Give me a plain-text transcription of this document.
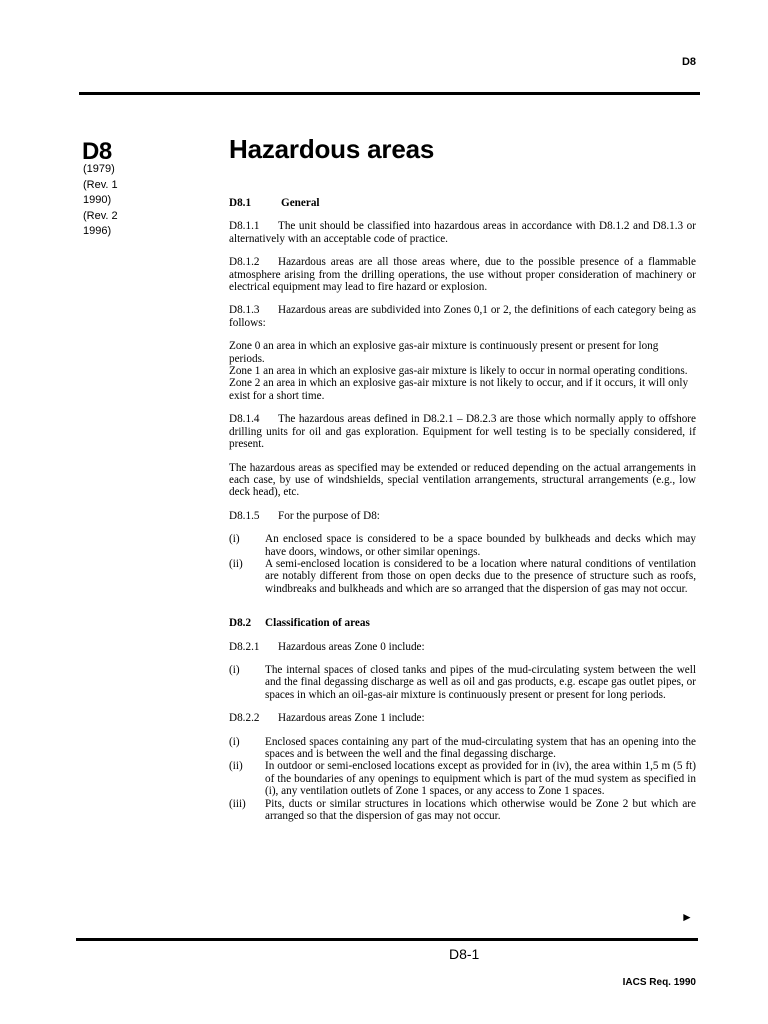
D8
D8
(1979)
(Rev. 1
1990)
(Rev. 2
1996)
Hazardous areas

D8.1	General

D8.1.1 The unit should be classified into hazardous areas in accordance with D8.1.2 and D8.1.3 or alternatively with an acceptable code of practice.

D8.1.2 Hazardous areas are all those areas where, due to the possible presence of a flammable atmosphere arising from the drilling operations, the use without proper consideration of machinery or electrical equipment may lead to fire hazard or explosion.

D8.1.3 Hazardous areas are subdivided into Zones 0,1 or 2, the definitions of each category being as follows:

Zone 0 an area in which an explosive gas-air mixture is continuously present or present for long periods.

Zone 1 an area in which an explosive gas-air mixture is likely to occur in normal operating conditions.

Zone 2 an area in which an explosive gas-air mixture is not likely to occur, and if it occurs, it will only exist for a short time.

D8.1.4 The hazardous areas defined in D8.2.1 – D8.2.3 are those which normally apply to offshore drilling units for oil and gas exploration. Equipment for well testing is to be specially considered, if present.

The hazardous areas as specified may be extended or reduced depending on the actual arrangements in each case, by use of windshields, special ventilation arrangements, structural arrangements (e.g., low deck head), etc.

D8.1.5 For the purpose of D8:

(i)	An enclosed space is considered to be a space bounded by bulkheads and decks which may have doors, windows, or other similar openings.
(ii)	A semi-enclosed location is considered to be a location where natural conditions of ventilation are notably different from those on open decks due to the presence of structure such as roofs, windbreaks and bulkheads and which are so arranged that the dispersion of gas may not occur.

D8.2 Classification of areas

D8.2.1 Hazardous areas Zone 0 include:

(i)	The internal spaces of closed tanks and pipes of the mud-circulating system between the well and the final degassing discharge as well as oil and gas products, e.g. escape gas outlet pipes, or spaces in which an oil-gas-air mixture is continuously present or present for long periods.

D8.2.2 Hazardous areas Zone 1 include:

(i)	Enclosed spaces containing any part of the mud-circulating system that has an opening into the spaces and is between the well and the final degassing discharge.
(ii)	In outdoor or semi-enclosed locations except as provided for in (iv), the area within 1,5 m (5 ft) of the boundaries of any openings to equipment which is part of the mud system as specified in (i), any ventilation outlets of Zone 1 spaces, or any access to Zone 1 spaces.
(iii)	Pits, ducts or similar structures in locations which otherwise would be Zone 2 but which are arranged so that the dispersion of gas may not occur.
►
D8-1
IACS Req. 1990
